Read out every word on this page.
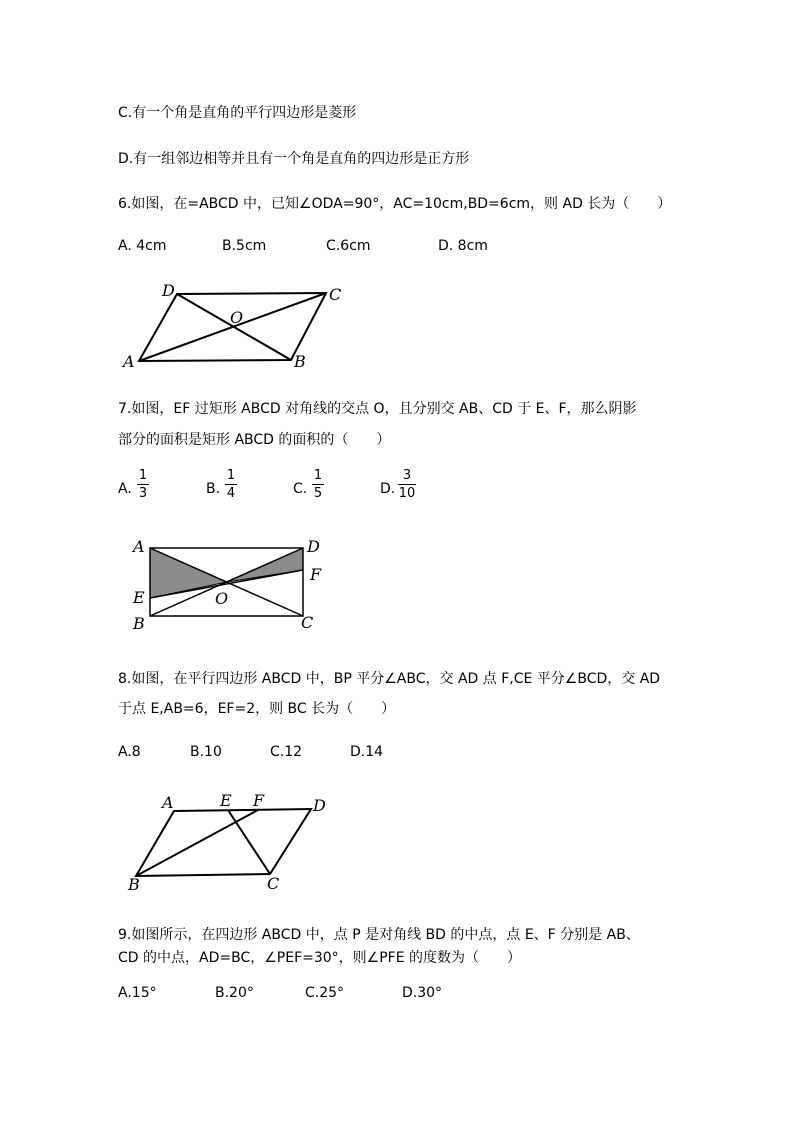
C.有一个角是直角的平行四边形是菱形
D.有一组邻边相等并且有一个角是直角的四边形是正方形
6.如图，在=ABCD 中，已知∠ODA=90°，AC=10cm,BD=6cm，则 AD 长为（　　）
A. 4cm	B.5cm	C.6cm	D. 8cm
7.如图，EF 过矩形 ABCD 对角线的交点 O，且分别交 AB、CD 于 E、F，那么阴影
部分的面积是矩形 ABCD 的面积的（　　）
A.
1
3	B.
1
4	C.
1
5	D.
3
10
8.如图，在平行四边形 ABCD 中，BP 平分∠ABC，交 AD 点 F,CE 平分∠BCD，交 AD
于点 E,AB=6，EF=2，则 BC 长为（　　）
A.8	B.10	C.12	D.14
9.如图所示，在四边形 ABCD 中，点 P 是对角线 BD 的中点，点 E、F 分别是 AB、
CD 的中点，AD=BC，∠PEF=30°，则∠PFE 的度数为（　　）
A.15°	B.20°	C.25°	D.30°
A	B
C
D
O
A
B	C
D
E
F
O
A
B	C
D
E F
